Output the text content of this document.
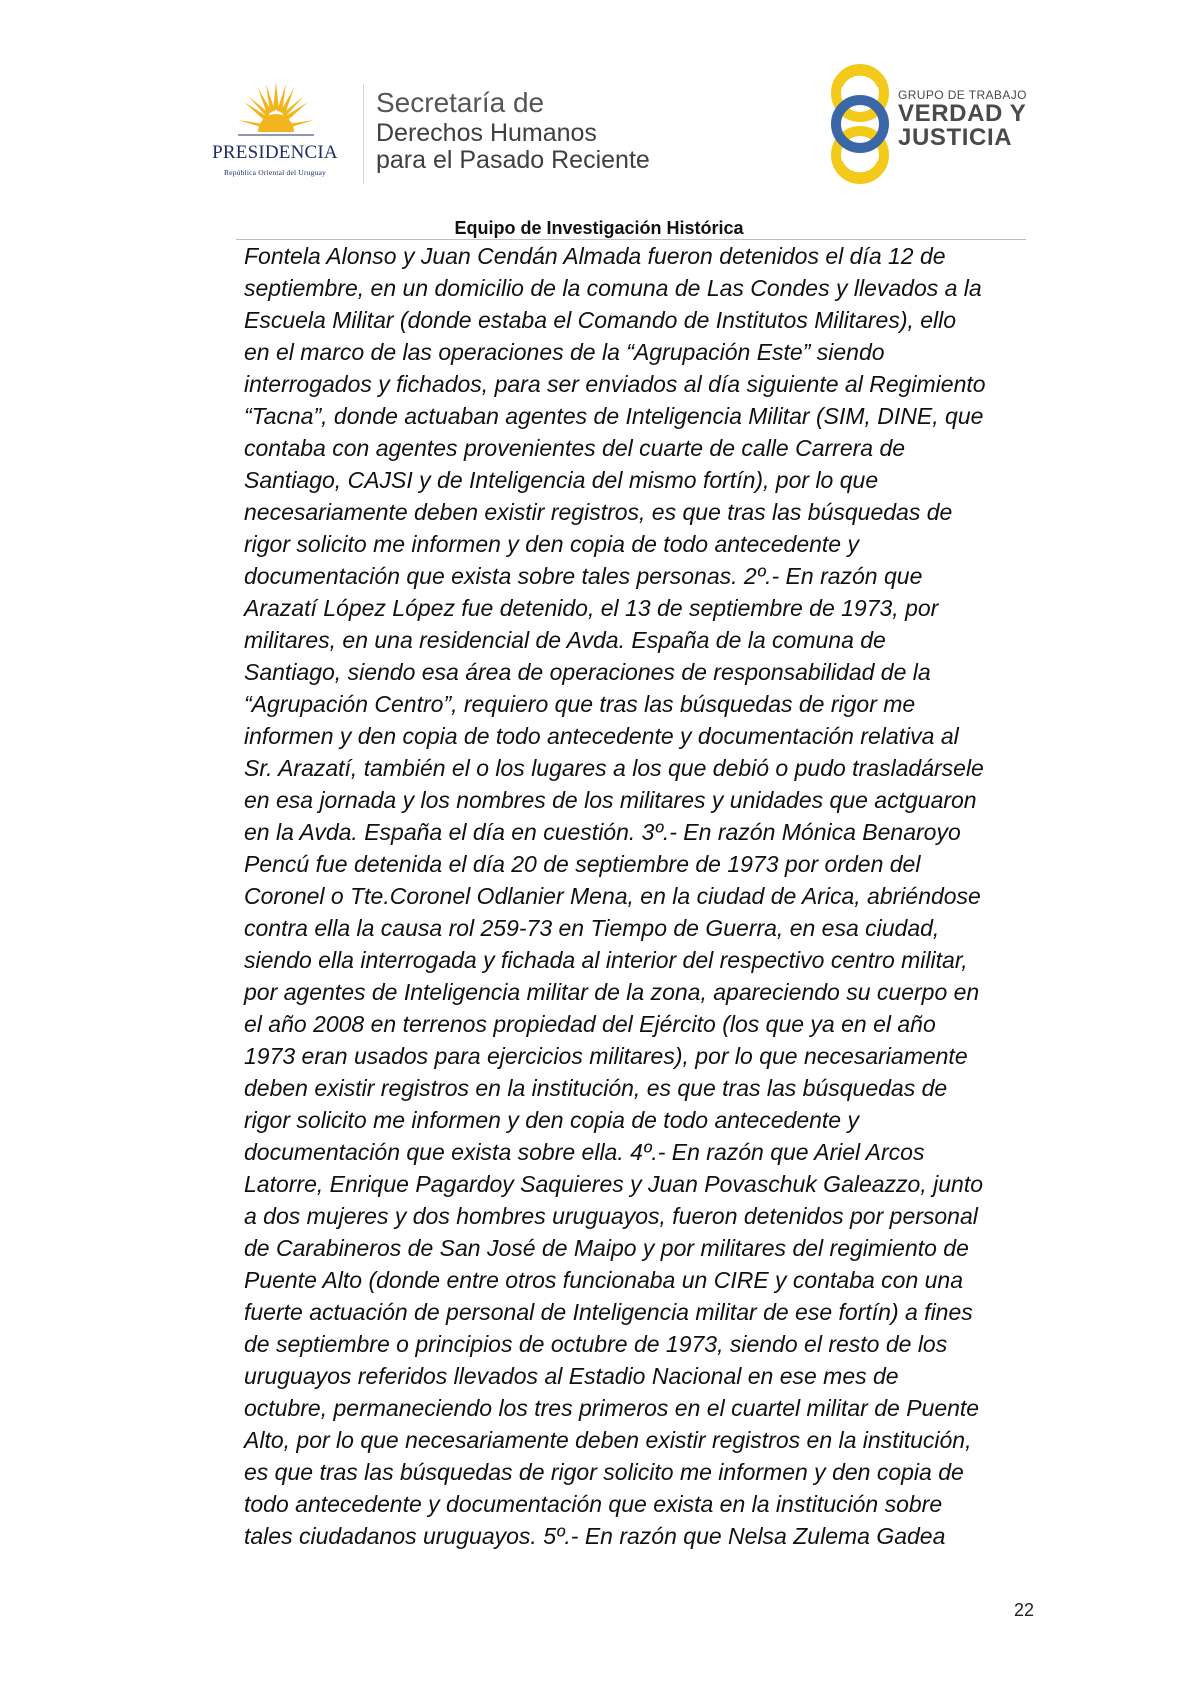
PRESIDENCIA
República Oriental del Uruguay
Secretaría de
Derechos Humanos
para el Pasado Reciente
GRUPO DE TRABAJO
VERDAD Y
JUSTICIA
Equipo de Investigación Histórica
Fontela Alonso y Juan Cendán Almada fueron detenidos el día 12 de
septiembre, en un domicilio de la comuna de Las Condes y llevados a la
Escuela Militar (donde estaba el Comando de Institutos Militares), ello
en el marco de las operaciones de la “Agrupación Este” siendo
interrogados y fichados, para ser enviados al día siguiente al Regimiento
“Tacna”, donde actuaban agentes de Inteligencia Militar (SIM, DINE, que
contaba con agentes provenientes del cuarte de calle Carrera de
Santiago, CAJSI y de Inteligencia del mismo fortín), por lo que
necesariamente deben existir registros, es que tras las búsquedas de
rigor solicito me informen y den copia de todo antecedente y
documentación que exista sobre tales personas. 2º.- En razón que
Arazatí López López fue detenido, el 13 de septiembre de 1973, por
militares, en una residencial de Avda. España de la comuna de
Santiago, siendo esa área de operaciones de responsabilidad de la
“Agrupación Centro”, requiero que tras las búsquedas de rigor me
informen y den copia de todo antecedente y documentación relativa al
Sr. Arazatí, también el o los lugares a los que debió o pudo trasladársele
en esa jornada y los nombres de los militares y unidades que actguaron
en la Avda. España el día en cuestión. 3º.- En razón Mónica Benaroyo
Pencú fue detenida el día 20 de septiembre de 1973 por orden del
Coronel o Tte.Coronel Odlanier Mena, en la ciudad de Arica, abriéndose
contra ella la causa rol 259-73 en Tiempo de Guerra, en esa ciudad,
siendo ella interrogada y fichada al interior del respectivo centro militar,
por agentes de Inteligencia militar de la zona, apareciendo su cuerpo en
el año 2008 en terrenos propiedad del Ejército (los que ya en el año
1973 eran usados para ejercicios militares), por lo que necesariamente
deben existir registros en la institución, es que tras las búsquedas de
rigor solicito me informen y den copia de todo antecedente y
documentación que exista sobre ella. 4º.- En razón que Ariel Arcos
Latorre, Enrique Pagardoy Saquieres y Juan Povaschuk Galeazzo, junto
a dos mujeres y dos hombres uruguayos, fueron detenidos por personal
de Carabineros de San José de Maipo y por militares del regimiento de
Puente Alto (donde entre otros funcionaba un CIRE y contaba con una
fuerte actuación de personal de Inteligencia militar de ese fortín) a fines
de septiembre o principios de octubre de 1973, siendo el resto de los
uruguayos referidos llevados al Estadio Nacional en ese mes de
octubre, permaneciendo los tres primeros en el cuartel militar de Puente
Alto, por lo que necesariamente deben existir registros en la institución,
es que tras las búsquedas de rigor solicito me informen y den copia de
todo antecedente y documentación que exista en la institución sobre
tales ciudadanos uruguayos. 5º.- En razón que Nelsa Zulema Gadea
22
